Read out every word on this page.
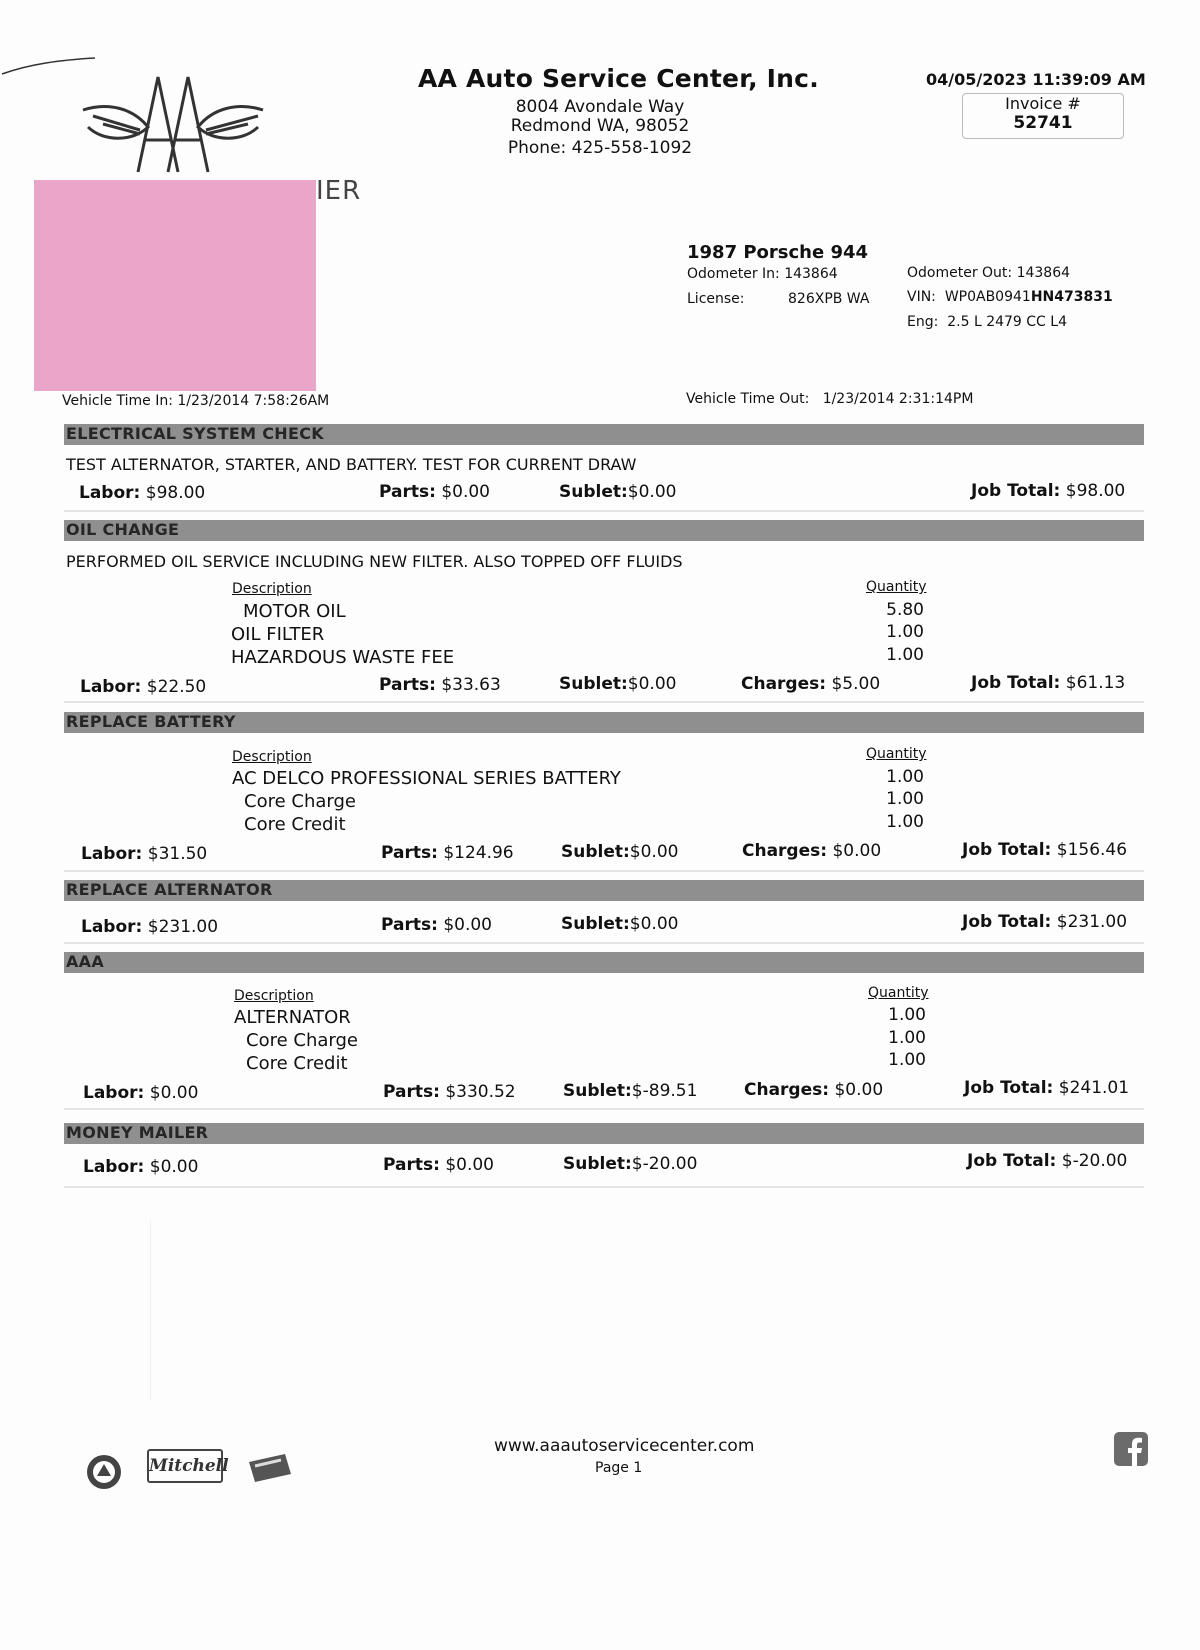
IER
AA Auto Service Center, Inc.
8004 Avondale Way
Redmond WA, 98052
Phone: 425-558-1092
04/05/2023 11:39:09 AM
Invoice #
52741
1987 Porsche 944
Odometer In: 143864
License:	826XPB WA
Odometer Out: 143864
VIN: WP0AB0941HN473831
Eng: 2.5 L 2479 CC L4
Vehicle Time In: 1/23/2014 7:58:26AM	Vehicle Time Out: 1/23/2014 2:31:14PM
ELECTRICAL SYSTEM CHECK
TEST ALTERNATOR, STARTER, AND BATTERY. TEST FOR CURRENT DRAW
Labor: $98.00	Parts: $0.00	Sublet:$0.00	Job Total: $98.00
OIL CHANGE
PERFORMED OIL SERVICE INCLUDING NEW FILTER. ALSO TOPPED OFF FLUIDS
Description	Quantity
MOTOR OIL	5.80
OIL FILTER	1.00
HAZARDOUS WASTE FEE	1.00
Labor: $22.50	Parts: $33.63	Sublet:$0.00	Charges: $5.00	Job Total: $61.13
REPLACE BATTERY
Description	Quantity
AC DELCO PROFESSIONAL SERIES BATTERY	1.00
Core Charge	1.00
Core Credit	1.00
Labor: $31.50	Parts: $124.96	Sublet:$0.00	Charges: $0.00	Job Total: $156.46
REPLACE ALTERNATOR
Labor: $231.00	Parts: $0.00	Sublet:$0.00	Job Total: $231.00
AAA
Description	Quantity
ALTERNATOR	1.00
Core Charge	1.00
Core Credit	1.00
Labor: $0.00	Parts: $330.52	Sublet:$-89.51	Charges: $0.00	Job Total: $241.01
MONEY MAILER
Labor: $0.00	Parts: $0.00	Sublet:$-20.00	Job Total: $-20.00
Mitchell
www.aaautoservicecenter.com
Page 1
